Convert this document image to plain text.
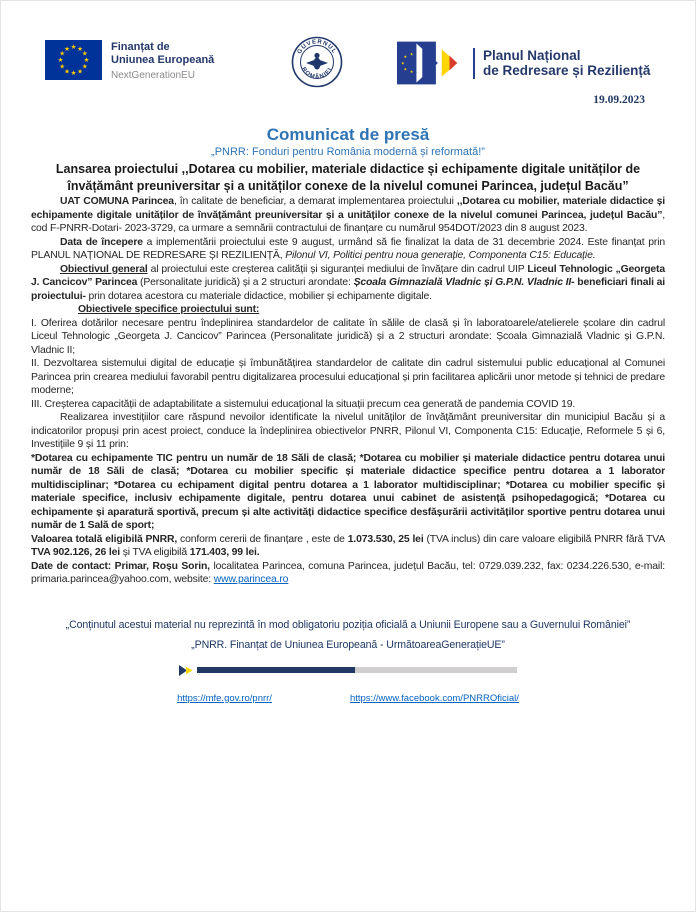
★ ★
★
★
★
★
★
★
★
★
★
★	Finanțat de
Uniunea Europeană
NextGenerationEU
GUVERNUL
ROMÂNIEI
★
★
★
★
★	Planul Național
de Redresare și Reziliență
19.09.2023
Comunicat de presă
„PNRR: Fonduri pentru România modernă și reformată!”
Lansarea proiectului ,,Dotarea cu mobilier, materiale didactice și echipamente digitale unităților de învățământ preuniversitar și a unităților conexe de la nivelul comunei Parincea, județul Bacău”

UAT COMUNA Parincea, în calitate de beneficiar, a demarat implementarea proiectului ,,Dotarea cu mobilier, materiale didactice și echipamente digitale unităților de învățământ preuniversitar și a unităților conexe de la nivelul comunei Parincea, județul Bacău”, cod F-PNRR-Dotari- 2023-3729, ca urmare a semnării contractului de finanțare cu numărul 954DOT/2023 din 8 august 2023.

Data de începere a implementării proiectului este 9 august, urmând să fie finalizat la data de 31 decembrie 2024. Este finanțat prin PLANUL NAȚIONAL DE REDRESARE ȘI REZILIENȚĂ, Pilonul VI, Politici pentru noua generație, Componenta C15: Educație.

Obiectivul general al proiectului este creșterea calității și siguranței mediului de învățare din cadrul UIP Liceul Tehnologic „Georgeta J. Cancicov” Parincea (Personalitate juridică) și a 2 structuri arondate: Școala Gimnazială Vladnic și G.P.N. Vladnic II- beneficiari finali ai proiectului- prin dotarea acestora cu materiale didactice, mobilier și echipamente digitale.

Obiectivele specifice proiectului sunt:

I. Oferirea dotărilor necesare pentru îndeplinirea standardelor de calitate în sălile de clasă și în laboratoarele/atelierele școlare din cadrul Liceul Tehnologic „Georgeta J. Cancicov” Parincea (Personalitate juridică) și a 2 structuri arondate: Școala Gimnazială Vladnic și G.P.N. Vladnic II;

II. Dezvoltarea sistemului digital de educație și îmbunătățirea standardelor de calitate din cadrul sistemului public educațional al Comunei Parincea prin crearea mediului favorabil pentru digitalizarea procesului educațional și prin facilitarea aplicării unor metode și tehnici de predare moderne;

III. Creșterea capacității de adaptabilitate a sistemului educațional la situații precum cea generată de pandemia COVID 19.

Realizarea investițiilor care răspund nevoilor identificate la nivelul unităților de învățământ preuniversitar din municipiul Bacău și a indicatorilor propuși prin acest proiect, conduce la îndeplinirea obiectivelor PNRR, Pilonul VI, Componenta C15: Educație, Reformele 5 și 6, Investițiile 9 și 11 prin:

*Dotarea cu echipamente TIC pentru un număr de 18 Săli de clasă; *Dotarea cu mobilier și materiale didactice pentru dotarea unui număr de 18 Săli de clasă; *Dotarea cu mobilier specific și materiale didactice specifice pentru dotarea a 1 laborator multidisciplinar; *Dotarea cu echipament digital pentru dotarea a 1 laborator multidisciplinar; *Dotarea cu mobilier specific și materiale specifice, inclusiv echipamente digitale, pentru dotarea unui cabinet de asistență psihopedagogică; *Dotarea cu echipamente și aparatură sportivă, precum și alte activități didactice specifice desfășurării activităților sportive pentru dotarea unui număr de 1 Sală de sport;

Valoarea totală eligibilă PNRR, conform cererii de finanțare , este de 1.073.530, 25 lei (TVA inclus) din care valoare eligibilă PNRR fără TVA TVA 902.126, 26 lei și TVA eligibilă 171.403, 99 lei.

Date de contact: Primar, Roșu Sorin, localitatea Parincea, comuna Parincea, județul Bacău, tel: 0729.039.232, fax: 0234.226.530, e-mail: primaria.parincea@yahoo.com, website: www.parincea.ro

„Conținutul acestui material nu reprezintă în mod obligatoriu poziția oficială a Uniunii Europene sau a Guvernului României”

„PNRR. Finanțat de Uniunea Europeană - UrmătoareaGenerațieUE”

https://mfe.gov.ro/pnrr/	https://www.facebook.com/PNRROficial/
